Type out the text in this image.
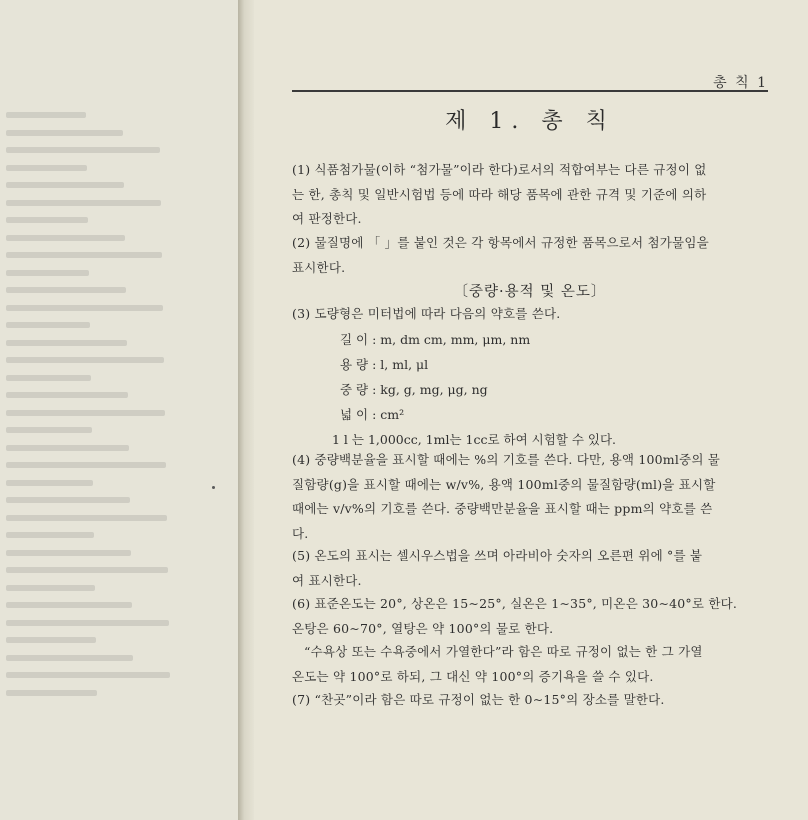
총 칙 1
제 1. 총 칙
(1) 식품첨가물(이하 “첨가물”이라 한다)로서의 적합여부는 다른 규정이 없
는 한, 총칙 및 일반시험법 등에 따라 해당 품목에 관한 규격 및 기준에 의하
여 판정한다.
(2) 물질명에 「 」를 붙인 것은 각 항목에서 규정한 품목으로서 첨가물임을
표시한다.
〔중량·용적 및 온도〕
(3) 도량형은 미터법에 따라 다음의 약호를 쓴다.
길 이 : m, dm cm, mm, μm, nm
용 량 : l, ml, μl
중 량 : kg, g, mg, μg, ng
넓 이 : cm²
1 l 는 1,000cc, 1ml는 1cc로 하여 시험할 수 있다.
(4) 중량백분율을 표시할 때에는 %의 기호를 쓴다. 다만, 용액 100ml중의 물
질함량(g)을 표시할 때에는 w/v%, 용액 100ml중의 물질함량(ml)을 표시할
때에는 v/v%의 기호를 쓴다. 중량백만분율을 표시할 때는 ppm의 약호를 쓴
다.
(5) 온도의 표시는 셀시우스법을 쓰며 아라비아 숫자의 오른편 위에 °를 붙
여 표시한다.
(6) 표준온도는 20°, 상온은 15∼25°, 실온은 1∼35°, 미온은 30∼40°로 한다.
온탕은 60∼70°, 열탕은 약 100°의 물로 한다.
“수욕상 또는 수욕중에서 가열한다”라 함은 따로 규정이 없는 한 그 가열
온도는 약 100°로 하되, 그 대신 약 100°의 증기욕을 쓸 수 있다.
(7) “찬곳”이라 함은 따로 규정이 없는 한 0∼15°의 장소를 말한다.
